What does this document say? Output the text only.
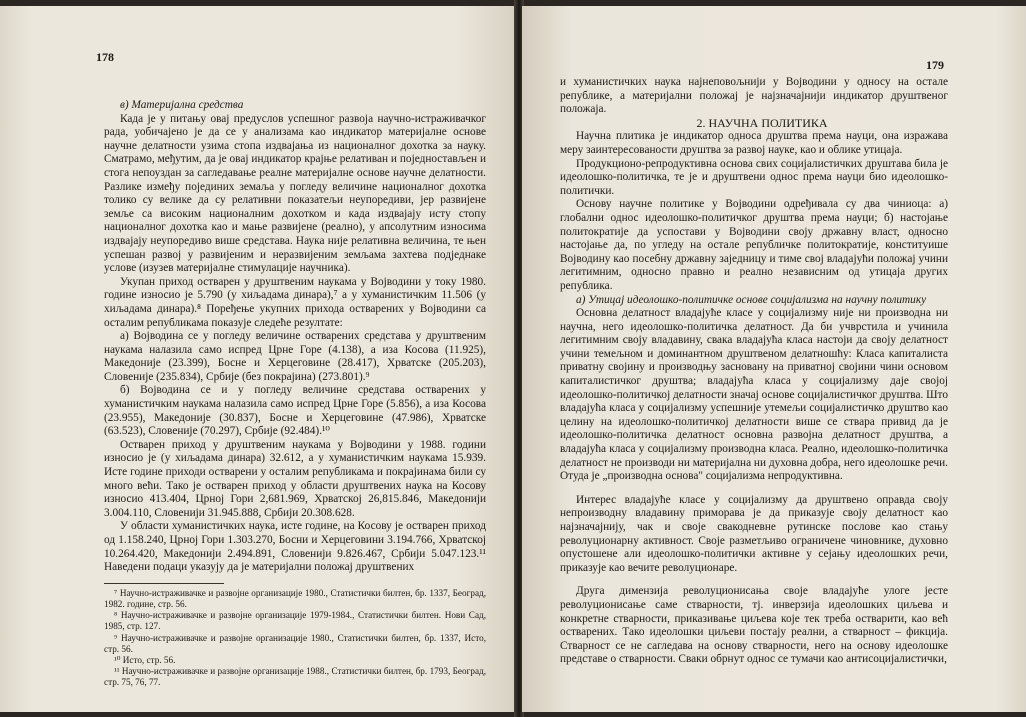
178

в) Материјална средства

Када је у питању овај предуслов успешног развоја научно-истраживачког рада, уобичајено је да се у анализама као индикатор материјалне основе научне делатности узима стопа издвајања из националног дохотка за науку. Сматрамо, међутим, да је овај индикатор крајње релативан и поједностављен и стога непоуздан за сагледавање реалне материјалне основе научне делатности. Разлике између појединих земаља у погледу величине националног дохотка толико су велике да су релативни показатељи неупоредиви, јер развијене земље са високим националним дохотком и када издвајају исту стопу националног дохотка као и мање развијене (реално), у апсолутним износима издвајају неупоредиво више средстава. Наука није релативна величина, те њен успешан развој у развијеним и неразвијеним земљама захтева подједнаке услове (изузев материјалне стимулације научника).

Укупан приход остварен у друштвеним наукама у Војводини у току 1980. године износио је 5.790 (у хиљадама динара),⁷ а у хуманистичким 11.506 (у хиљадама динара).⁸ Поређење укупних прихода остварених у Војводини са осталим републикама показује следеће резултате:

а) Војводина се у погледу величине остварених средстава у друштвеним наукама налазила само испред Црне Горе (4.138), а иза Косова (11.925), Македоније (23.399), Босне и Херцеговине (28.417), Хрватске (205.203), Словеније (235.834), Србије (без покрајина) (273.801).⁹

б) Војводина се и у погледу величине средстава остварених у хуманистичким наукама налазила само испред Црне Горе (5.856), а иза Косова (23.955), Македоније (30.837), Босне и Херцеговине (47.986), Хрватске (63.523), Словеније (70.297), Србије (92.484).¹⁰

Остварен приход у друштвеним наукама у Војводини у 1988. години износио је (у хиљадама динара) 32.612, а у хуманистичким наукама 15.939. Исте године приходи остварени у осталим републикама и покрајинама били су много већи. Тако је остварен приход у области друштвених наука на Косову износио 413.404, Црној Гори 2,681.969, Хрватској 26,815.846, Македонији 3.004.110, Словенији 31.945.888, Србији 20.308.628.

У области хуманистичких наука, исте године, на Косову је остварен приход од 1.158.240, Црној Гори 1.303.270, Босни и Херцеговини 3.194.766, Хрватској 10.264.420, Македонији 2.494.891, Словенији 9.826.467, Србији 5.047.123.¹¹ Наведени подаци указују да је материјални положај друштвених

⁷ Научно-истраживачке и развојне организације 1980., Статистички билтен, бр. 1337, Београд, 1982. године, стр. 56.

⁸ Научно-истраживачке и развојне организације 1979-1984., Статистички билтен. Нови Сад, 1985, стр. 127.

⁹ Научно-истраживачке и развојне организације 1980., Статистички билтен, бр. 1337, Исто, стр. 56.

¹⁰ Исто, стр. 56.

¹¹ Научно-истраживачке и развојне организације 1988., Статистички билтен, бр. 1793, Београд, стр. 75, 76, 77.

179

и хуманистичких наука најнеповољнији у Војводини у односу на остале републике, а материјални положај је најзначајнији индикатор друштвеног положаја.

2. НАУЧНА ПОЛИТИКА

Научна плитика је индикатор односа друштва према науци, она изражава меру заинтересованости друштва за развој науке, као и облике утицаја.

Продукционо-репродуктивна основа свих социјалистичких друштава била је идеолошко-политичка, те је и друштвени однос према науци био идеолошко-политички.

Основу научне политике у Војводини одређивала су два чиниоца: а) глобални однос идеолошко-политичког друштва према науци; б) настојање политократије да успостави у Војводини своју државну власт, односно настојање да, по угледу на остале републичке политократије, конституише Војводину као посебну државну заједницу и тиме свој владајући положај учини легитимним, односно правно и реално независним од утицаја других република.

а) Утицај идеолошко-политичке основе социјализма на научну политику

Основна делатност владајуће класе у социјализму није ни производна ни научна, него идеолошко-политичка делатност. Да би учврстила и учинила легитимним своју владавину, свака владајућа класа настоји да своју делатност учини темељном и доминантном друштвеном делатношћу: Класа капиталиста приватну својину и производњу засновану на приватној својини чини основом капиталистичког друштва; владајућа класа у социјализму даје својој идеолошко-политичкој делатности значај основе социјалистичког друштва. Што владајућа класа у социјализму успешније утемељи социјалистичко друштво као целину на идеолошко-политичкој делатности више се ствара привид да је идеолошко-политичка делатност основна развојна делатност друштва, а владајућа класа у социјализму производна класа. Реално, идеолошко-политичка делатност не производи ни материјална ни духовна добра, него идеолошке речи. Отуда је „производна основа" социјализма непродуктивна.

Интерес владајуће класе у социјализму да друштвено оправда своју непроизводну владавину приморава је да приказује своју делатност као најзначајнију, чак и своје свакодневне рутинске послове као стању револуционарну активност. Своје разметљиво ограничене чиновнике, духовно опустошене али идеолошко-политички активне у сејању идеолошких речи, приказује као вечите револуционаре.

Друга димензија револуционисања своје владајуће улоге јесте револуционисање саме стварности, тј. инверзија идеолошких циљева и конкретне стварности, приказивање циљева које тек треба остварити, као већ остварених. Тако идеолошки циљеви постају реални, а стварност – фикција. Стварност се не сагледава на основу стварности, него на основу идеолошке представе о стварности. Сваки обрнут однос се тумачи као антисоцијалистички,
